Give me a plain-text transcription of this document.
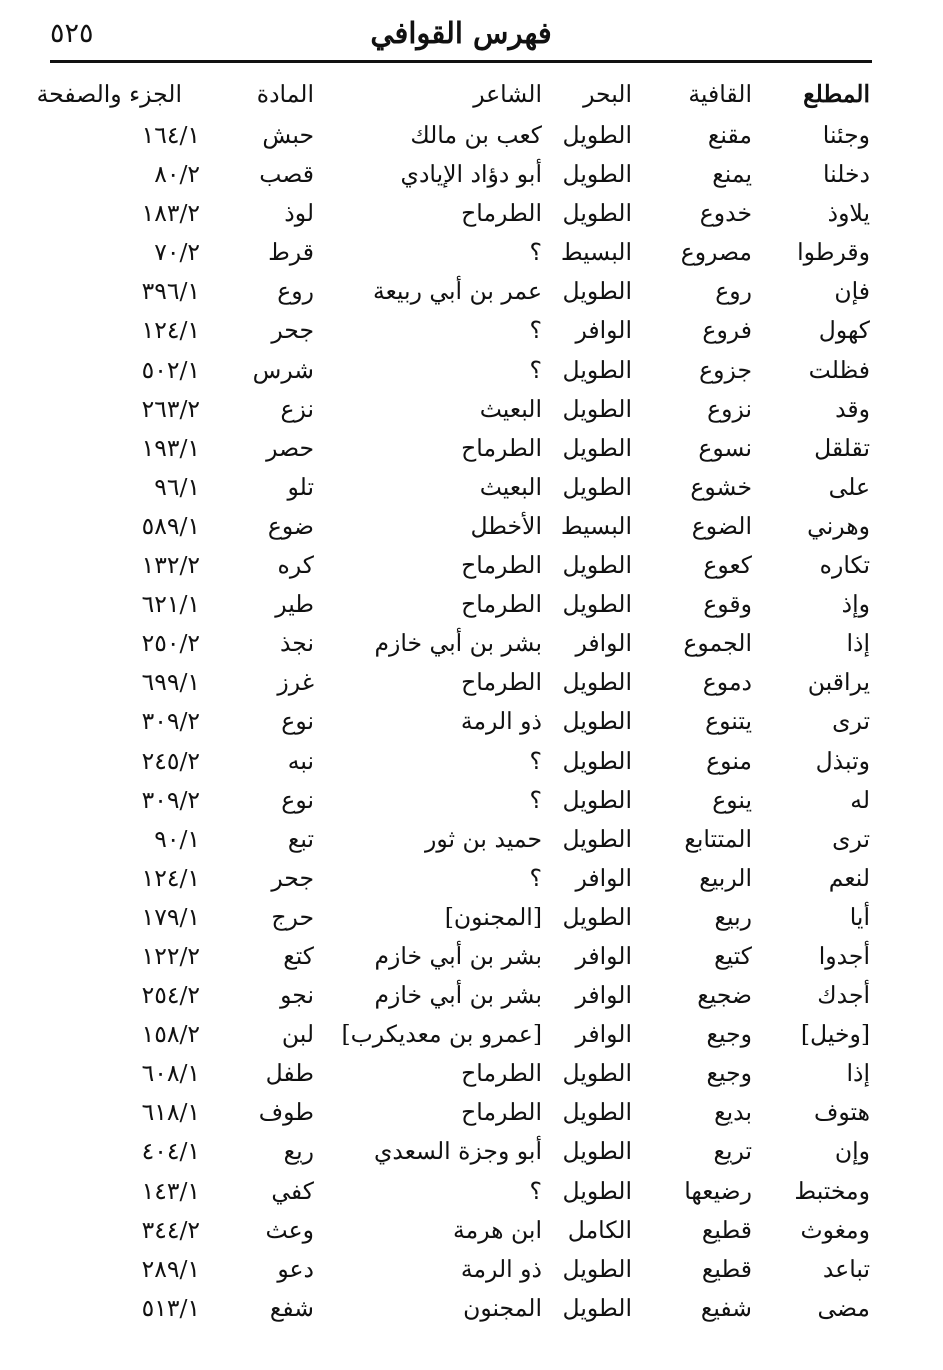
فهرس القوافي
٥٢٥
المطلع
القافية
البحر
الشاعر
المادة
الجزء والصفحة
وجئنا
مقنع
الطويل
كعب بن مالك
حبش
١٦٤/١
دخلنا
يمنع
الطويل
أبو دؤاد الإيادي
قصب
٨٠/٢
يلاوذ
خدوع
الطويل
الطرماح
لوذ
١٨٣/٢
وقرطوا
مصروع
البسيط
؟
قرط
٧٠/٢
فإن
روع
الطويل
عمر بن أبي ربيعة
روع
٣٩٦/١
كهول
فروع
الوافر
؟
جحر
١٢٤/١
فظلت
جزوع
الطويل
؟
شرس
٥٠٢/١
وقد
نزوع
الطويل
البعيث
نزع
٢٦٣/٢
تقلقل
نسوع
الطويل
الطرماح
حصر
١٩٣/١
على
خشوع
الطويل
البعيث
تلو
٩٦/١
وهرني
الضوع
البسيط
الأخطل
ضوع
٥٨٩/١
تكاره
كعوع
الطويل
الطرماح
كره
١٣٢/٢
وإذ
وقوع
الطويل
الطرماح
طير
٦٢١/١
إذا
الجموع
الوافر
بشر بن أبي خازم
نجذ
٢٥٠/٢
يراقبن
دموع
الطويل
الطرماح
غرز
٦٩٩/١
ترى
يتنوع
الطويل
ذو الرمة
نوع
٣٠٩/٢
وتبذل
منوع
الطويل
؟
نبه
٢٤٥/٢
له
ينوع
الطويل
؟
نوع
٣٠٩/٢
ترى
المتتابع
الطويل
حميد بن ثور
تبع
٩٠/١
لنعم
الربيع
الوافر
؟
جحر
١٢٤/١
أيا
ربيع
الطويل
[المجنون]
حرج
١٧٩/١
أجدوا
كتيع
الوافر
بشر بن أبي خازم
كتع
١٢٢/٢
أجدك
ضجيع
الوافر
بشر بن أبي خازم
نجو
٢٥٤/٢
[وخيل]
وجيع
الوافر
[عمرو بن معديكرب]
لبن
١٥٨/٢
إذا
وجيع
الطويل
الطرماح
طفل
٦٠٨/١
هتوف
بديع
الطويل
الطرماح
طوف
٦١٨/١
وإن
تريع
الطويل
أبو وجزة السعدي
ريع
٤٠٤/١
ومختبط
رضيعها
الطويل
؟
كفي
١٤٣/١
ومغوث
قطيع
الكامل
ابن هرمة
وعث
٣٤٤/٢
تباعد
قطيع
الطويل
ذو الرمة
دعو
٢٨٩/١
مضى
شفيع
الطويل
المجنون
شفع
٥١٣/١
